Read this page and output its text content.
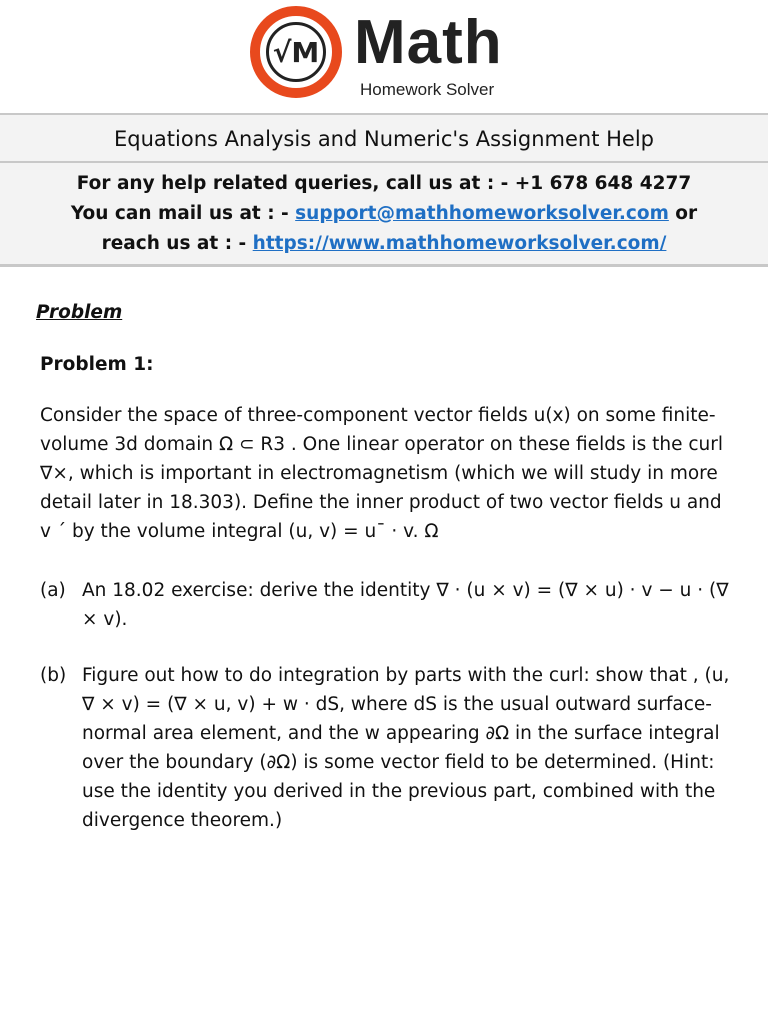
√M Math
Homework Solver
Equations Analysis and Numeric's Assignment Help
For any help related queries, call us at : - +1 678 648 4277
You can mail us at : - support@mathhomeworksolver.com or
reach us at : - https://www.mathhomeworksolver.com/
Problem
Problem 1:
Consider the space of three-component vector fields u(x) on some finite-volume 3d domain Ω ⊂ R3 . One linear operator on these fields is the curl ∇×, which is important in electromagnetism (which we will study in more detail later in 18.303). Define the inner product of two vector fields u and v ´ by the volume integral (u, v) = u¯ · v. Ω
(a) An 18.02 exercise: derive the identity ∇ · (u × v) = (∇ × u) · v − u · (∇ × v).
(b) Figure out how to do integration by parts with the curl: show that , (u, ∇ × v) = (∇ × u, v) + w · dS, where dS is the usual outward surface-normal area element, and the w appearing ∂Ω in the surface integral over the boundary (∂Ω) is some vector field to be determined. (Hint: use the identity you derived in the previous part, combined with the divergence theorem.)
